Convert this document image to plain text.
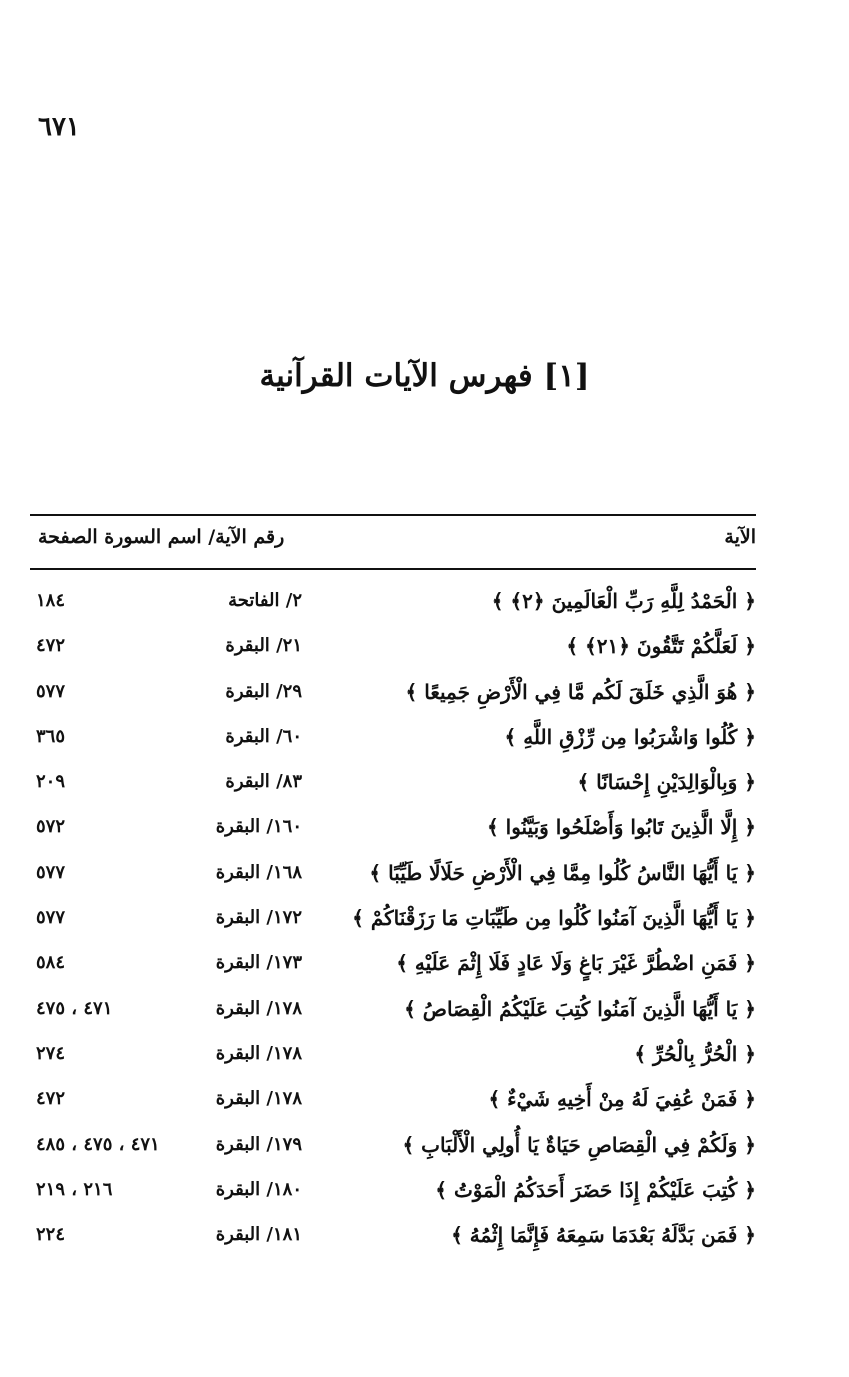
٦٧١
[١] فهرس الآيات القرآنية
الآية
رقم الآية/ اسم السورة الصفحة
﴿ الْحَمْدُ لِلَّهِ رَبِّ الْعَالَمِينَ ﴿٢﴾ ﴾
٢/ الفاتحة
١٨٤
﴿ لَعَلَّكُمْ تَتَّقُونَ ﴿٢١﴾ ﴾
٢١/ البقرة
٤٧٢
﴿ هُوَ الَّذِي خَلَقَ لَكُم مَّا فِي الْأَرْضِ جَمِيعًا ﴾
٢٩/ البقرة
٥٧٧
﴿ كُلُوا وَاشْرَبُوا مِن رِّزْقِ اللَّهِ ﴾
٦٠/ البقرة
٣٦٥
﴿ وَبِالْوَالِدَيْنِ إِحْسَانًا ﴾
٨٣/ البقرة
٢٠٩
﴿ إِلَّا الَّذِينَ تَابُوا وَأَصْلَحُوا وَبَيَّنُوا ﴾
١٦٠/ البقرة
٥٧٢
﴿ يَا أَيُّهَا النَّاسُ كُلُوا مِمَّا فِي الْأَرْضِ حَلَالًا طَيِّبًا ﴾
١٦٨/ البقرة
٥٧٧
﴿ يَا أَيُّهَا الَّذِينَ آمَنُوا كُلُوا مِن طَيِّبَاتِ مَا رَزَقْنَاكُمْ ﴾
١٧٢/ البقرة
٥٧٧
﴿ فَمَنِ اضْطُرَّ غَيْرَ بَاغٍ وَلَا عَادٍ فَلَا إِثْمَ عَلَيْهِ ﴾
١٧٣/ البقرة
٥٨٤
﴿ يَا أَيُّهَا الَّذِينَ آمَنُوا كُتِبَ عَلَيْكُمُ الْقِصَاصُ ﴾
١٧٨/ البقرة
٤٧١ ، ٤٧٥
﴿ الْحُرُّ بِالْحُرِّ ﴾
١٧٨/ البقرة
٢٧٤
﴿ فَمَنْ عُفِيَ لَهُ مِنْ أَخِيهِ شَيْءٌ ﴾
١٧٨/ البقرة
٤٧٢
﴿ وَلَكُمْ فِي الْقِصَاصِ حَيَاةٌ يَا أُولِي الْأَلْبَابِ ﴾
١٧٩/ البقرة
٤٧١ ، ٤٧٥ ، ٤٨٥
﴿ كُتِبَ عَلَيْكُمْ إِذَا حَضَرَ أَحَدَكُمُ الْمَوْتُ ﴾
١٨٠/ البقرة
٢١٦ ، ٢١٩
﴿ فَمَن بَدَّلَهُ بَعْدَمَا سَمِعَهُ فَإِنَّمَا إِثْمُهُ ﴾
١٨١/ البقرة
٢٢٤
